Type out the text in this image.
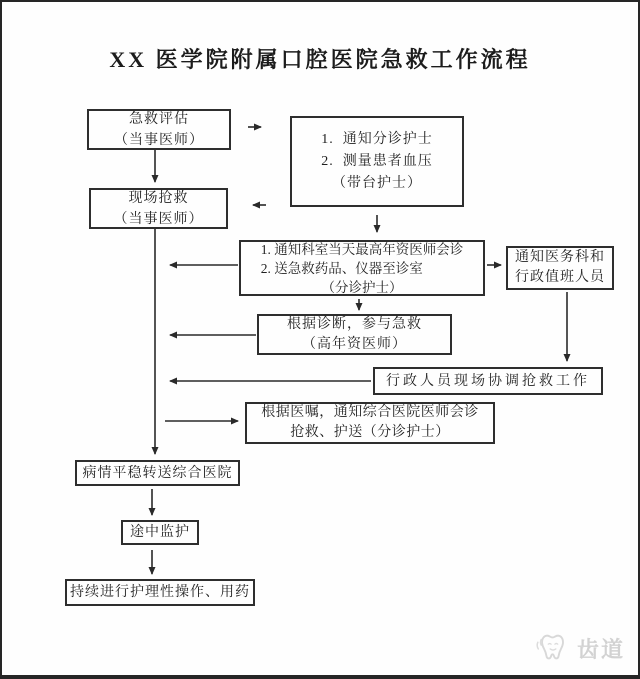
XX 医学院附属口腔医院急救工作流程
急救评估
（当事医师）	1.  通知分诊护士
2.  测量患者血压
（带台护士）
现场抢救
（当事医师）
1. 通知科室当天最高年资医师会诊
2. 送急救药品、仪器至诊室
（分诊护士）
通知医务科和
行政值班人员
根据诊断，参与急救
（高年资医师）
行政人员现场协调抢救工作
根据医嘱，通知综合医院医师会诊
抢救、护送（分诊护士）
病情平稳转送综合医院
途中监护
持续进行护理性操作、用药
齿道
